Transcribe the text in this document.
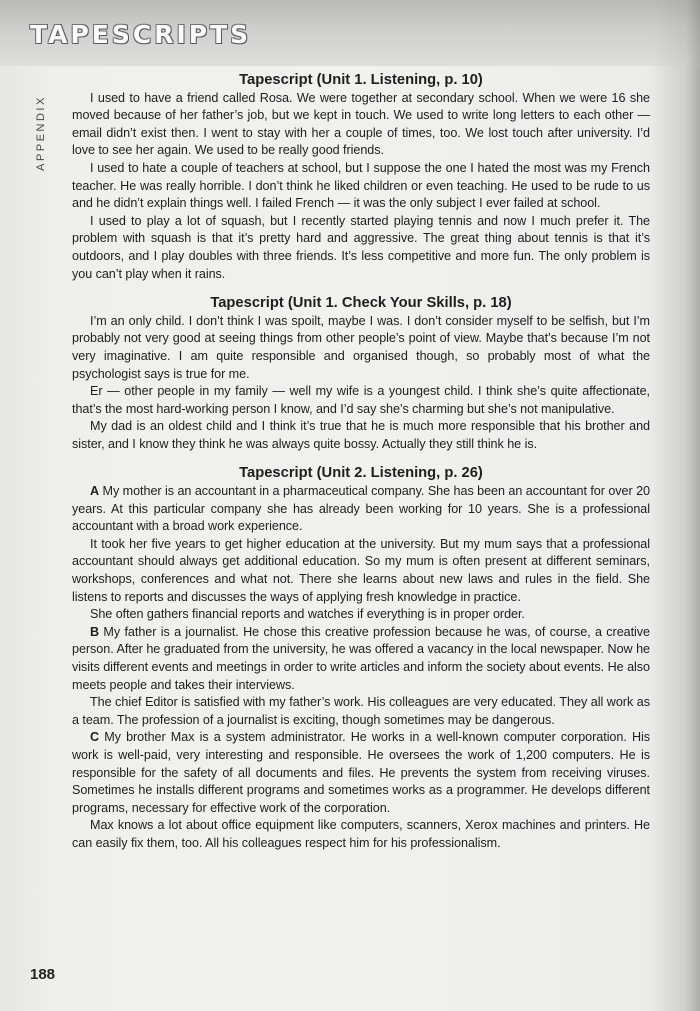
TAPESCRIPTS
APPENDIX
Tapescript (Unit 1. Listening, p. 10)

I used to have a friend called Rosa. We were together at secondary school. When we were 16 she moved because of her father’s job, but we kept in touch. We used to write long letters to each other — email didn’t exist then. I went to stay with her a couple of times, too. We lost touch after university. I’d love to see her again. We used to be really good friends.

I used to hate a couple of teachers at school, but I suppose the one I hated the most was my French teacher. He was really horrible. I don’t think he liked children or even teaching. He used to be rude to us and he didn’t explain things well. I failed French — it was the only subject I ever failed at school.

I used to play a lot of squash, but I recently started playing tennis and now I much prefer it. The problem with squash is that it’s pretty hard and aggressive. The great thing about tennis is that it’s outdoors, and I play doubles with three friends. It’s less competitive and more fun. The only problem is you can’t play when it rains.

Tapescript (Unit 1. Check Your Skills, p. 18)

I’m an only child. I don’t think I was spoilt, maybe I was. I don’t consider myself to be selfish, but I’m probably not very good at seeing things from other people’s point of view. Maybe that’s because I’m not very imaginative. I am quite responsible and organised though, so probably most of what the psychologist says is true for me.

Er — other people in my family — well my wife is a youngest child. I think she’s quite affectionate, that’s the most hard-working person I know, and I’d say she’s charming but she’s not manipulative.

My dad is an oldest child and I think it’s true that he is much more responsible that his brother and sister, and I know they think he was always quite bossy. Actually they still think he is.

Tapescript (Unit 2. Listening, p. 26)

A My mother is an accountant in a pharmaceutical company. She has been an accountant for over 20 years. At this particular company she has already been working for 10 years. She is a professional accountant with a broad work experience.

It took her five years to get higher education at the university. But my mum says that a professional accountant should always get additional education. So my mum is often present at different seminars, workshops, conferences and what not. There she learns about new laws and rules in the field. She listens to reports and discusses the ways of applying fresh knowledge in practice.

She often gathers financial reports and watches if everything is in proper order.

B My father is a journalist. He chose this creative profession because he was, of course, a creative person. After he graduated from the university, he was offered a vacancy in the local newspaper. Now he visits different events and meetings in order to write articles and inform the society about events. He also meets people and takes their interviews.

The chief Editor is satisfied with my father’s work. His colleagues are very educated. They all work as a team. The profession of a journalist is exciting, though sometimes may be dangerous.

C My brother Max is a system administrator. He works in a well-known computer corporation. His work is well-paid, very interesting and responsible. He oversees the work of 1,200 computers. He is responsible for the safety of all documents and files. He prevents the system from receiving viruses. Sometimes he installs different programs and sometimes works as a programmer. He develops different programs, necessary for effective work of the corporation.

Max knows a lot about office equipment like computers, scanners, Xerox machines and printers. He can easily fix them, too. All his colleagues respect him for his professionalism.

188
